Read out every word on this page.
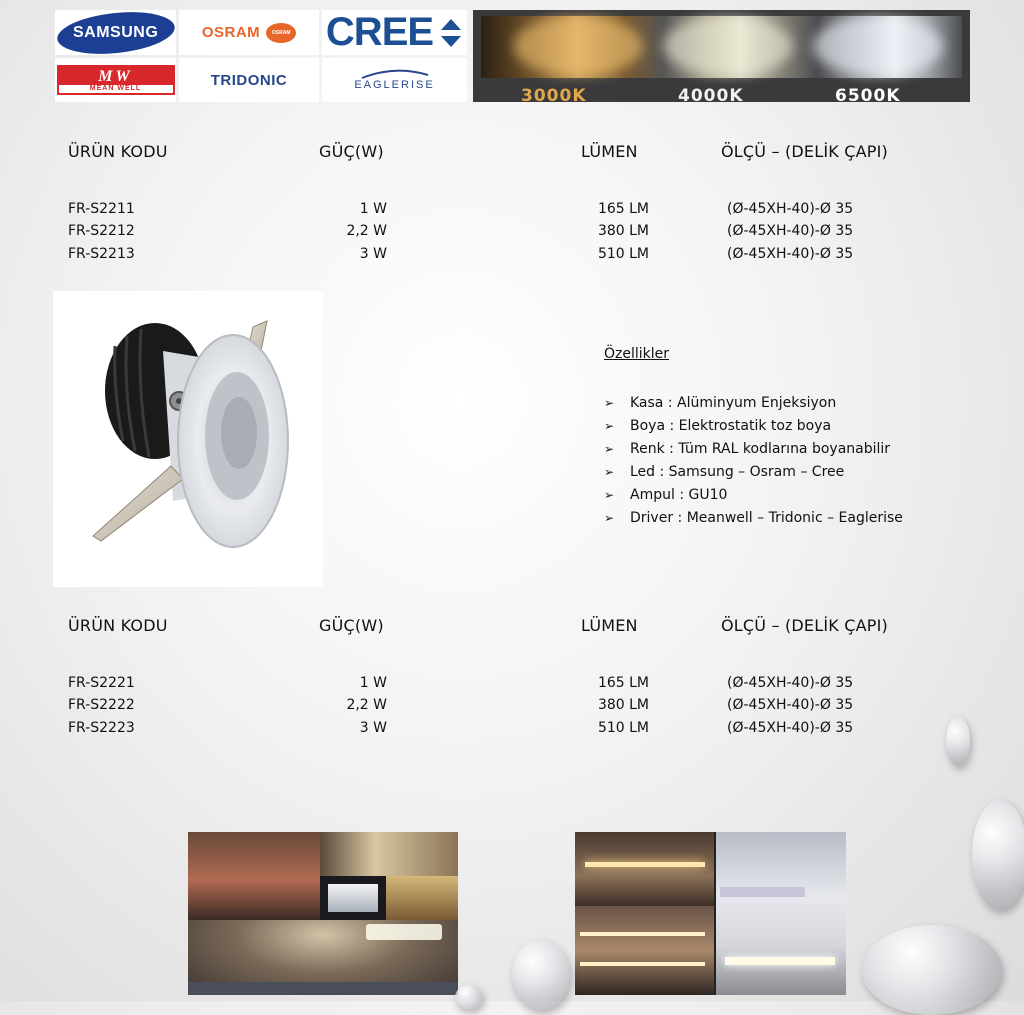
SAMSUNG	OSRAM OSRAM CREE
MW
MEAN WELL	TRIDONIC	EAGLERISE
3000K	4000K	6500K
ÜRÜN KODU	GÜÇ(W)	LÜMEN	ÖLÇÜ – (DELİK ÇAPI)
FR-S2211	1 W	165 LM	(Ø-45XH-40)-Ø 35
FR-S2212	2,2 W	380 LM	(Ø-45XH-40)-Ø 35
FR-S2213	3 W	510 LM	(Ø-45XH-40)-Ø 35
Özellikler
➢	Kasa : Alüminyum Enjeksiyon
➢	Boya : Elektrostatik toz boya
➢	Renk : Tüm RAL kodlarına boyanabilir
➢	Led : Samsung – Osram – Cree
➢	Ampul : GU10
➢	Driver : Meanwell – Tridonic – Eaglerise
ÜRÜN KODU	GÜÇ(W)	LÜMEN	ÖLÇÜ – (DELİK ÇAPI)
FR-S2221	1 W	165 LM	(Ø-45XH-40)-Ø 35
FR-S2222	2,2 W	380 LM	(Ø-45XH-40)-Ø 35
FR-S2223	3 W	510 LM	(Ø-45XH-40)-Ø 35
